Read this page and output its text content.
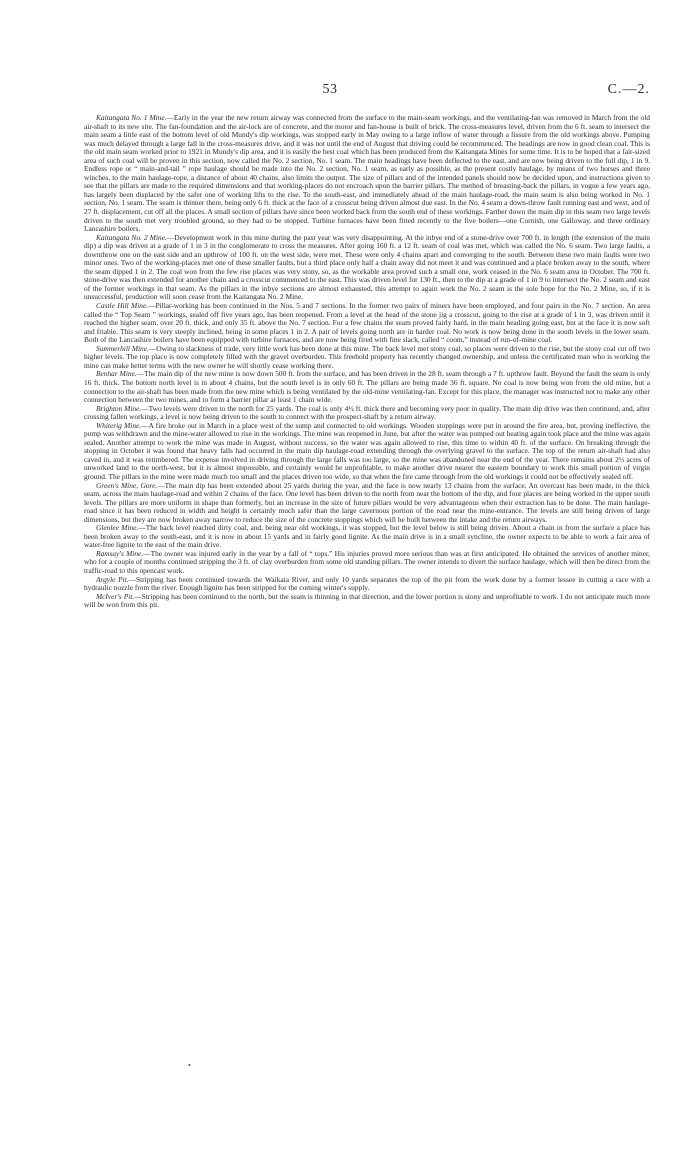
53	C.—2.

Kaitangata No. 1 Mine.—Early in the year the new return airway was connected from the surface to the main-seam workings, and the ventilating-fan was removed in March from the old air-shaft to its new site. The fan-foundation and the air-lock are of concrete, and the motor and fan-house is built of brick. The cross-measures level, driven from the 6 ft. seam to intersect the main seam a little east of the bottom level of old Mundy's dip workings, was stopped early in May owing to a large inflow of water through a fissure from the old workings above. Pumping was much delayed through a large fall in the cross-measures drive, and it was not until the end of August that driving could be recommenced. The headings are now in good clean coal. This is the old main seam worked prior to 1921 in Mundy's dip area, and it is easily the best coal which has been produced from the Kaitangata Mines for some time. It is to be hoped that a fair-sized area of such coal will be proven in this section, now called the No. 2 section, No. 1 seam. The main headings have been deflected to the east, and are now being driven to the full dip, 1 in 9. Endless rope or “ main-and-tail ” rope haulage should be made into the No. 2 section, No. 1 seam, as early as possible, as the present costly haulage, by means of two horses and three winches, to the main haulage-rope, a distance of about 40 chains, also limits the output. The size of pillars and of the intended panels should now be decided upon, and instructions given to see that the pillars are made to the required dimensions and that working-places do not encroach upon the barrier pillars. The method of breasting-back the pillars, in vogue a few years ago, has largely been displaced by the safer one of working lifts to the rise. To the south-east, and immediately ahead of the main haulage-road, the main seam is also being worked in No. 1 section, No. 1 seam. The seam is thinner there, being only 6 ft. thick at the face of a crosscut being driven almost due east. In the No. 4 seam a down-throw fault running east and west, and of 27 ft. displacement, cut off all the places. A small section of pillars have since been worked back from the south end of these workings. Farther down the main dip in this seam two large levels driven to the south met very troubled ground, so they had to be stopped. Turbine furnaces have been fitted recently to the five boilers—one Cornish, one Galloway, and three ordinary Lancashire boilers.

Kaitangata No. 2 Mine.—Development work in this mine during the past year was very disappointing. At the inbye end of a stone-drive over 700 ft. in length (the extension of the main dip) a dip was driven at a grade of 1 in 3 in the conglomerate to cross the measures. After going 160 ft. a 12 ft. seam of coal was met, which was called the No. 6 seam. Two large faults, a downthrow one on the east side and an upthrow of 100 ft. on the west side, were met. These were only 4 chains apart and converging to the south. Between these two main faults were two minor ones. Two of the working-places met one of these smaller faults, but a third place only half a chain away did not meet it and was continued and a place broken away to the south, where the seam dipped 1 in 2. The coal won from the few rise places was very stony, so, as the workable area proved such a small one, work ceased in the No. 6 seam area in October. The 700 ft. stone-drive was then extended for another chain and a crosscut commenced to the east. This was driven level for 130 ft., then to the dip at a grade of 1 in 9 to intersect the No. 2 seam and east of the former workings in that seam. As the pillars in the inbye sections are almost exhausted, this attempt to again work the No. 2 seam is the sole hope for the No. 2 Mine, so, if it is unsuccessful, production will soon cease from the Kaitangata No. 2 Mine.

Castle Hill Mine.—Pillar-working has been continued in the Nos. 5 and 7 sections. In the former two pairs of miners have been employed, and four pairs in the No. 7 section. An area called the “ Top Seam ” workings, sealed off five years ago, has been reopened. From a level at the head of the stone jig a crosscut, going to the rise at a grade of 1 in 3, was driven until it reached the higher seam, over 20 ft. thick, and only 35 ft. above the No. 7 section. For a few chains the seam proved fairly hard, in the main heading going east, but at the face it is now soft and friable. This seam is very steeply inclined, being in some places 1 in 2. A pair of levels going north are in harder coal. No work is now being done in the south levels in the lower seam. Both of the Lancashire boilers have been equipped with turbine furnaces, and are now being fired with fine slack, called “ coom,” instead of run-of-mine coal.

Summerhill Mine.—Owing to slackness of trade, very little work has been done at this mine. The back level met stony coal, so places were driven to the rise, but the stony coal cut off two higher levels. The top place is now completely filled with the gravel overburden. This freehold property has recently changed ownership, and unless the certificated man who is working the mine can make better terms with the new owner he will shortly cease working there.

Benhar Mine.—The main dip of the new mine is now down 500 ft. from the surface, and has been driven in the 28 ft. seam through a 7 ft. upthrow fault. Beyond the fault the seam is only 16 ft. thick. The bottom north level is in about 4 chains, but the south level is in only 60 ft. The pillars are being made 36 ft. square. No coal is now being won from the old mine, but a connection to the air-shaft has been made from the new mine which is being ventilated by the old-mine ventilating-fan. Except for this place, the manager was instructed not to make any other connection between the two mines, and to form a barrier pillar at least 1 chain wide.

Brighton Mine.—Two levels were driven to the north for 25 yards. The coal is only 4½ ft. thick there and becoming very poor in quality. The main dip drive was then continued, and, after crossing fallen workings, a level is now being driven to the south to connect with the prospect-shaft by a return airway.

Whiterig Mine.—A fire broke out in March in a place west of the sump and connected to old workings. Wooden stoppings were put in around the fire area, but, proving ineffective, the pump was withdrawn and the mine-water allowed to rise in the workings. The mine was reopened in June, but after the water was pumped out heating again took place and the mine was again sealed. Another attempt to work the mine was made in August, without success, so the water was again allowed to rise, this time to within 40 ft. of the surface. On breaking through the stopping in October it was found that heavy falls had occurred in the main dip haulage-road extending through the overlying gravel to the surface. The top of the return air-shaft had also caved in, and it was retimbered. The expense involved in driving through the large falls was too large, so the mine was abandoned near the end of the year. There remains about 2½ acres of unworked land to the north-west, but it is almost impossible, and certainly would be unprofitable, to make another drive nearer the eastern boundary to work this small portion of virgin ground. The pillars in the mine were made much too small and the places driven too wide, so that when the fire came through from the old workings it could not be effectively sealed off.

Green's Mine, Gore.—The main dip has been extended about 25 yards during the year, and the face is now nearly 13 chains from the surface. An overcast has been made, in the thick seam, across the main haulage-road and within 2 chains of the face. One level has been driven to the north from near the bottom of the dip, and four places are being worked in the upper south levels. The pillars are more uniform in shape than formerly, but an increase in the size of future pillars would be very advantageous when their extraction has to be done. The main haulage-road since it has been reduced in width and height is certainly much safer than the large cavernous portion of the road near the mine-entrance. The levels are still being driven of large dimensions, but they are now broken away narrow to reduce the size of the concrete stoppings which will be built between the intake and the return airways.

Glenlee Mine.—The back level reached dirty coal, and, being near old workings, it was stopped, but the level below is still being driven. About a chain in from the surface a place has been broken away to the south-east, and it is now in about 15 yards and in fairly good lignite. As the main drive is in a small syncline, the owner expects to be able to work a fair area of water-free lignite to the east of the main drive.

Ramsay's Mine.—The owner was injured early in the year by a fall of “ tops.” His injuries proved more serious than was at first anticipated. He obtained the services of another miner, who for a couple of months continued stripping the 3 ft. of clay overburden from some old standing pillars. The owner intends to divert the surface haulage, which will then be direct from the traffic-road to this opencast work.

Argyle Pit.—Stripping has been continued towards the Waikaia River, and only 10 yards separates the top of the pit from the work done by a former lessee in cutting a race with a hydraulic nozzle from the river. Enough lignite has been stripped for the coming winter's supply.

McIver's Pit.—Stripping has been continued to the north, but the seam is thinning in that direction, and the lower portion is stony and unprofitable to work. I do not anticipate much more will be won from this pit.

•
